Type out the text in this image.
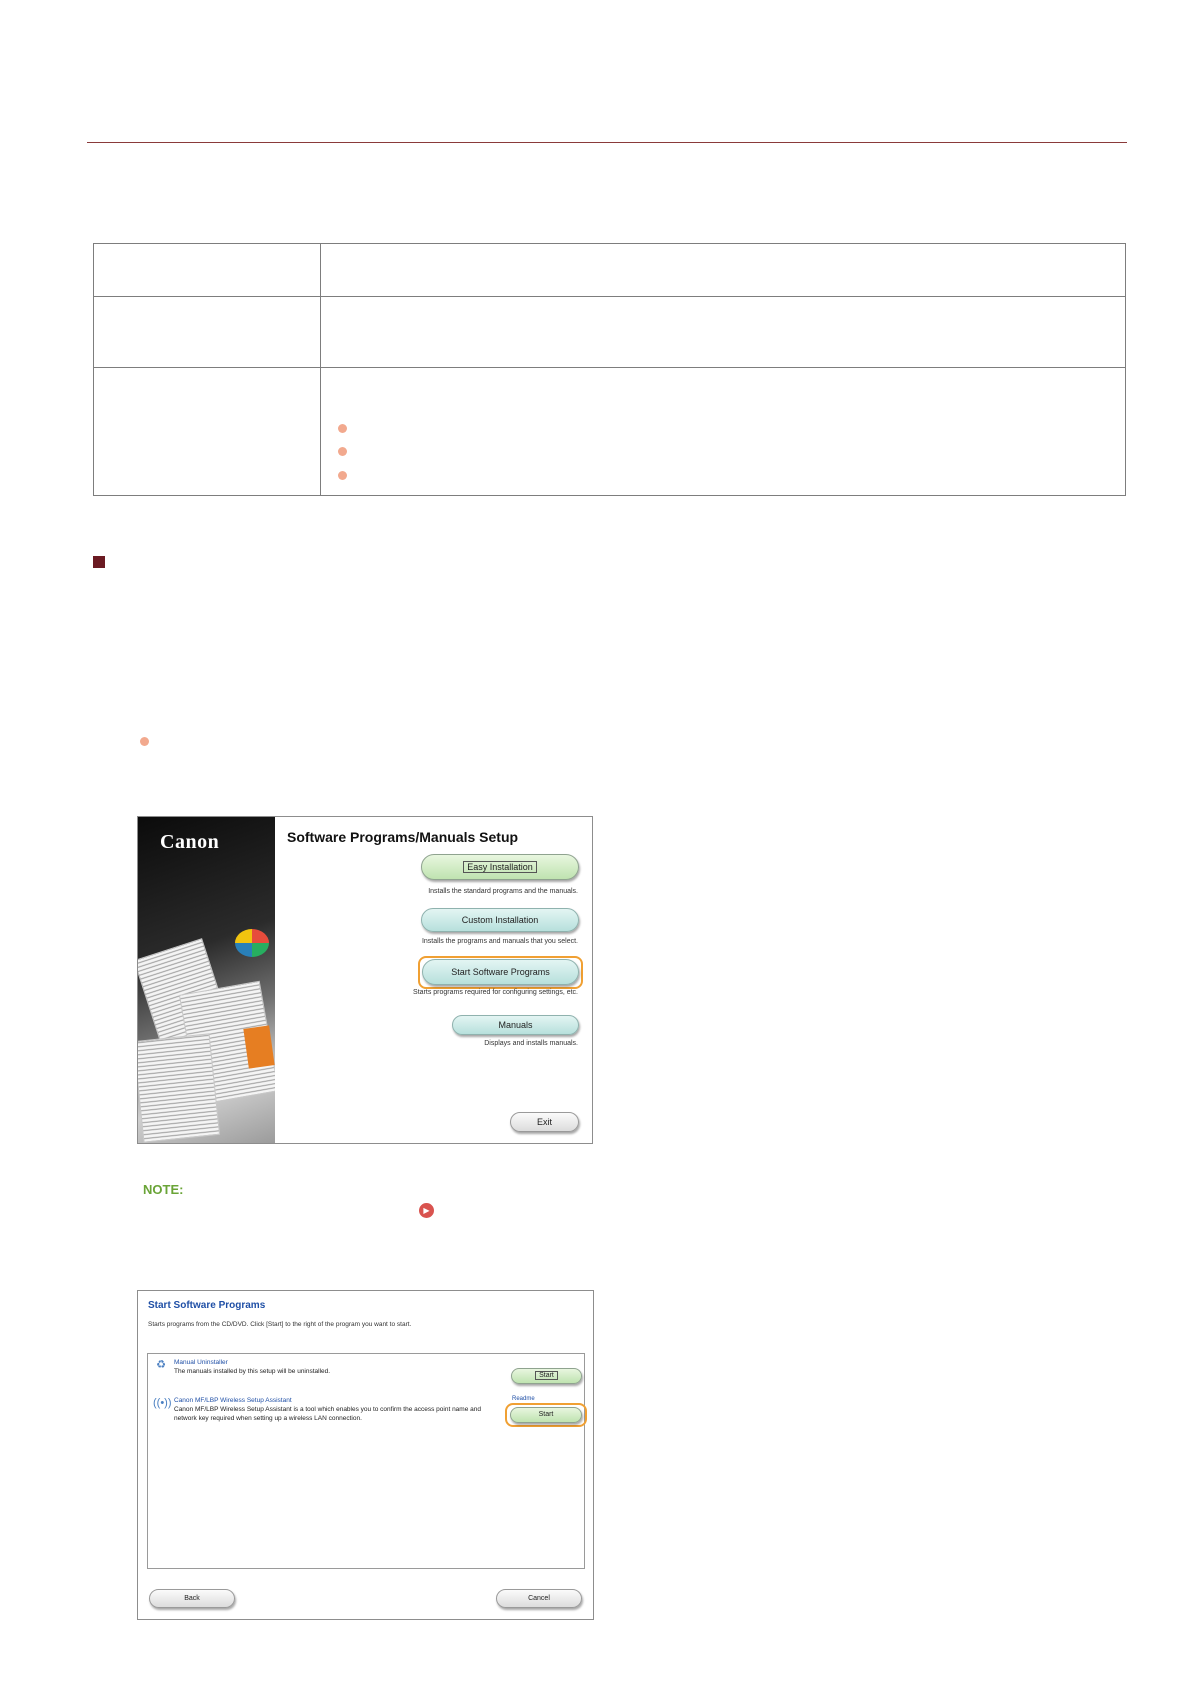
Canon	Software Programs/Manuals Setup
Easy Installation
Installs the standard programs and the manuals.
Custom Installation
Installs the programs and manuals that you select.
Start Software Programs
Starts programs required for configuring settings, etc.
Manuals
Displays and installs manuals.
Exit
NOTE:
▶
Start Software Programs
Starts programs from the CD/DVD. Click [Start] to the right of the program you want to start.
♻	Manual Uninstaller
The manuals installed by this setup will be uninstalled.
Start
((•)) Canon MF/LBP Wireless Setup Assistant
Canon MF/LBP Wireless Setup Assistant is a tool which enables you to confirm the access point name and network key required when setting up a wireless LAN connection.
Readme
Start
Back	Cancel
